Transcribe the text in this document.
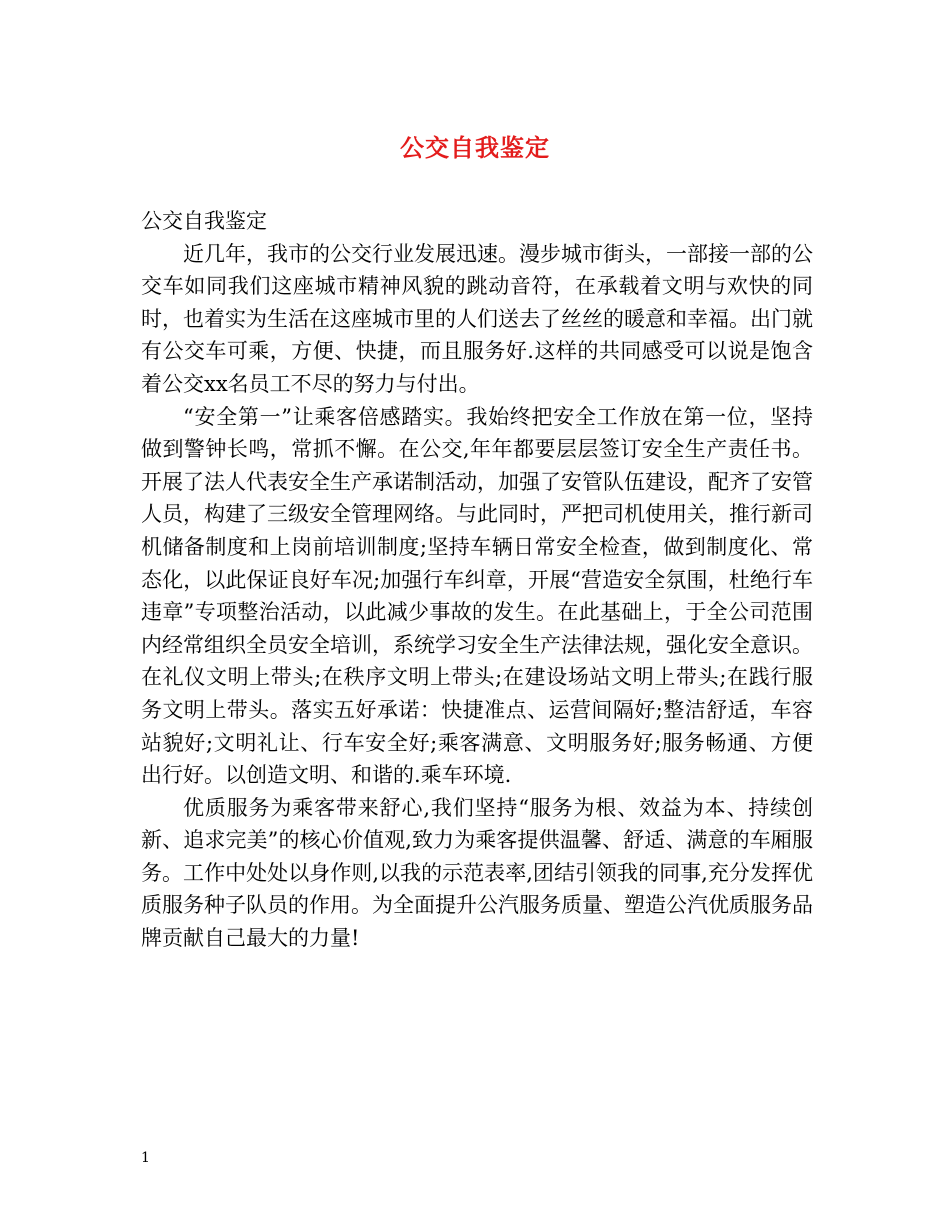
公交自我鉴定

公交自我鉴定

近几年，我市的公交行业发展迅速。漫步城市街头，一部接一部的公交车如同我们这座城市精神风貌的跳动音符，在承载着文明与欢快的同时，也着实为生活在这座城市里的人们送去了丝丝的暖意和幸福。出门就有公交车可乘，方便、快捷，而且服务好.这样的共同感受可以说是饱含着公交xx名员工不尽的努力与付出。

“安全第一”让乘客倍感踏实。我始终把安全工作放在第一位，坚持做到警钟长鸣，常抓不懈。在公交,年年都要层层签订安全生产责任书。开展了法人代表安全生产承诺制活动，加强了安管队伍建设，配齐了安管人员，构建了三级安全管理网络。与此同时，严把司机使用关，推行新司机储备制度和上岗前培训制度;坚持车辆日常安全检查，做到制度化、常态化，以此保证良好车况;加强行车纠章，开展“营造安全氛围，杜绝行车违章”专项整治活动，以此减少事故的发生。在此基础上，于全公司范围内经常组织全员安全培训，系统学习安全生产法律法规，强化安全意识。在礼仪文明上带头;在秩序文明上带头;在建设场站文明上带头;在践行服务文明上带头。落实五好承诺：快捷准点、运营间隔好;整洁舒适，车容站貌好;文明礼让、行车安全好;乘客满意、文明服务好;服务畅通、方便出行好。以创造文明、和谐的.乘车环境.

优质服务为乘客带来舒心,我们坚持“服务为根、效益为本、持续创新、追求完美”的核心价值观,致力为乘客提供温馨、舒适、满意的车厢服务。工作中处处以身作则,以我的示范表率,团结引领我的同事,充分发挥优质服务种子队员的作用。为全面提升公汽服务质量、塑造公汽优质服务品牌贡献自己最大的力量!

1
